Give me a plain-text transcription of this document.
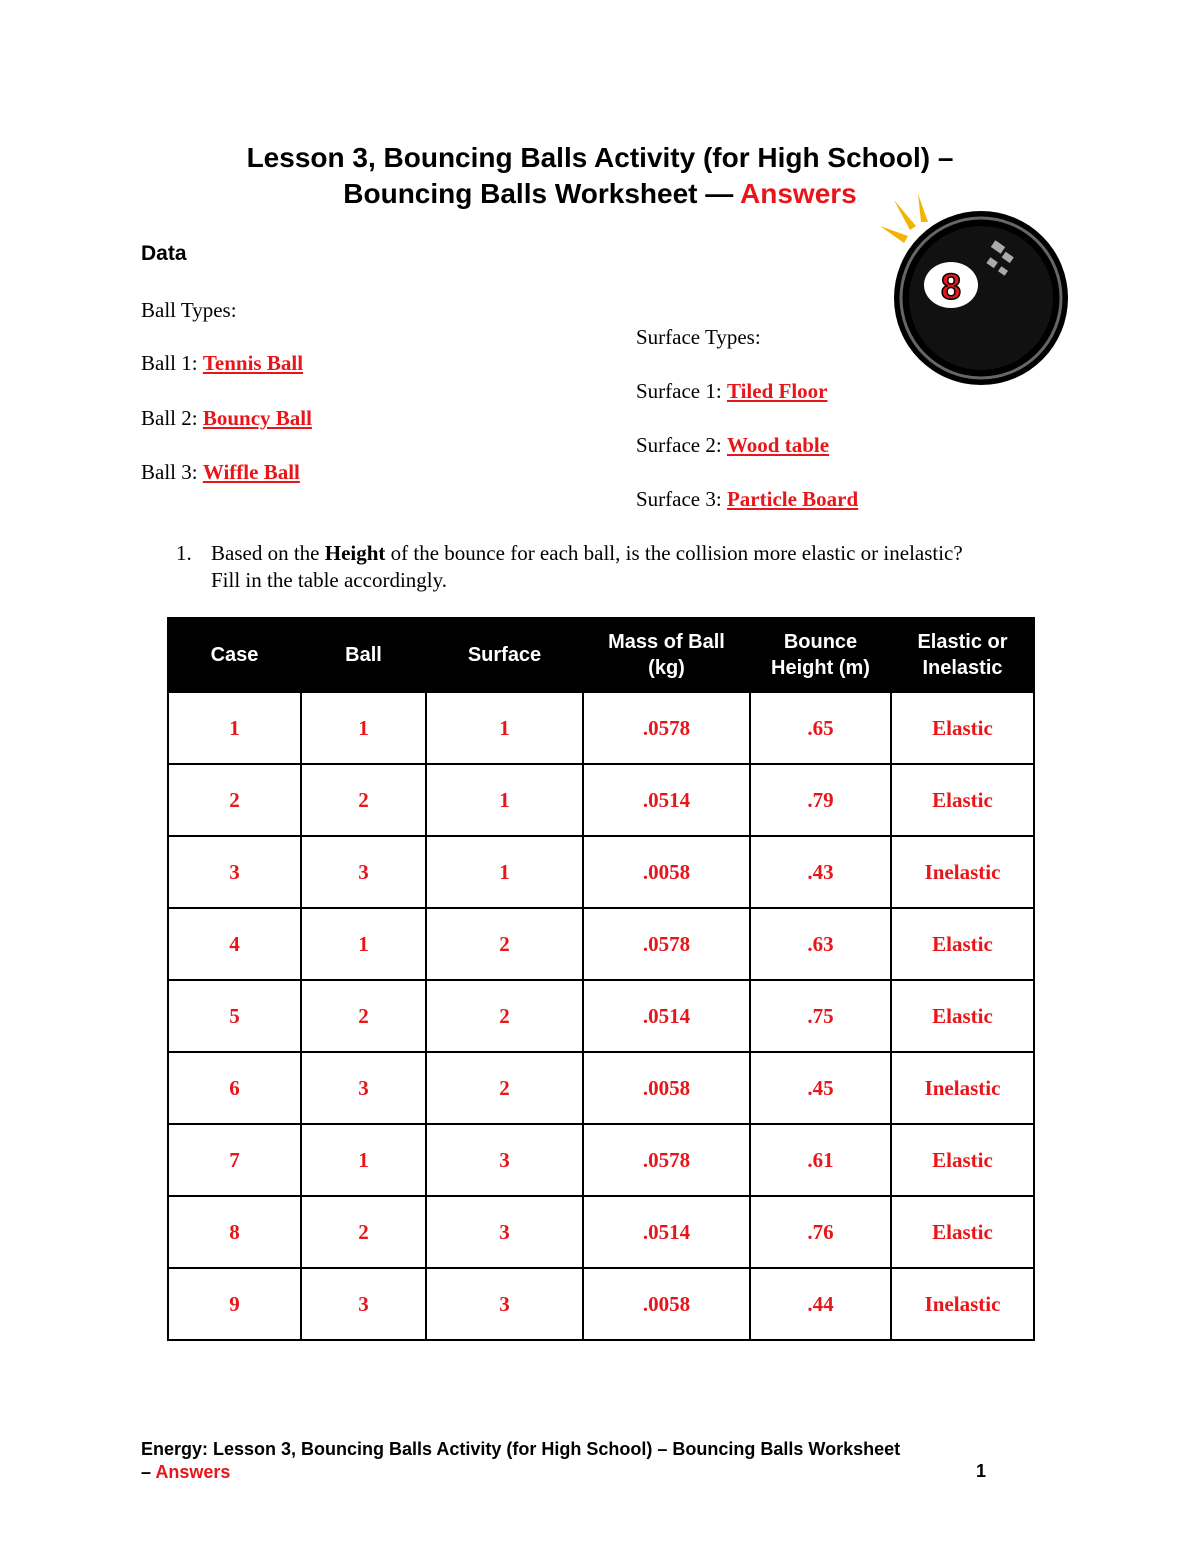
Lesson 3, Bouncing Balls Activity (for High School) –
Bouncing Balls Worksheet — Answers
8
Data
Ball Types:
Ball 1: Tennis Ball
Ball 2: Bouncy Ball
Ball 3: Wiffle Ball
Surface Types:
Surface 1: Tiled Floor
Surface 2: Wood table
Surface 3: Particle Board
1. Based on the Height of the bounce for each ball, is the collision more elastic or inelastic? Fill in the table accordingly.
Case	Ball	Surface	Mass of Ball (kg)	Bounce Height (m)	Elastic or Inelastic
1	1	1	.0578	.65	Elastic
2	2	1	.0514	.79	Elastic
3	3	1	.0058	.43	Inelastic
4	1	2	.0578	.63	Elastic
5	2	2	.0514	.75	Elastic
6	3	2	.0058	.45	Inelastic
7	1	3	.0578	.61	Elastic
8	2	3	.0514	.76	Elastic
9	3	3	.0058	.44	Inelastic
Energy: Lesson 3, Bouncing Balls Activity (for High School) – Bouncing Balls Worksheet
– Answers	1
